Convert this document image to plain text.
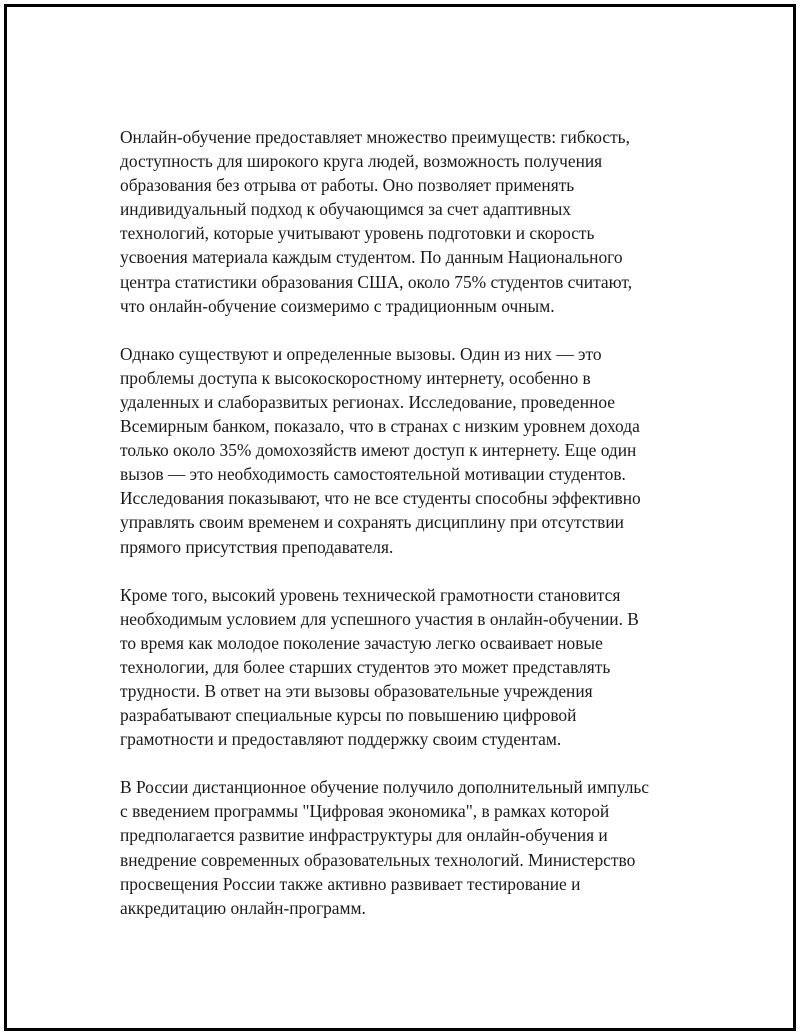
Онлайн-обучение предоставляет множество преимуществ: гибкость,
доступность для широкого круга людей, возможность получения
образования без отрыва от работы. Оно позволяет применять
индивидуальный подход к обучающимся за счет адаптивных
технологий, которые учитывают уровень подготовки и скорость
усвоения материала каждым студентом. По данным Национального
центра статистики образования США, около 75% студентов считают,
что онлайн-обучение соизмеримо с традиционным очным.

Однако существуют и определенные вызовы. Один из них — это
проблемы доступа к высокоскоростному интернету, особенно в
удаленных и слаборазвитых регионах. Исследование, проведенное
Всемирным банком, показало, что в странах с низким уровнем дохода
только около 35% домохозяйств имеют доступ к интернету. Еще один
вызов — это необходимость самостоятельной мотивации студентов.
Исследования показывают, что не все студенты способны эффективно
управлять своим временем и сохранять дисциплину при отсутствии
прямого присутствия преподавателя.

Кроме того, высокий уровень технической грамотности становится
необходимым условием для успешного участия в онлайн-обучении. В
то время как молодое поколение зачастую легко осваивает новые
технологии, для более старших студентов это может представлять
трудности. В ответ на эти вызовы образовательные учреждения
разрабатывают специальные курсы по повышению цифровой
грамотности и предоставляют поддержку своим студентам.

В России дистанционное обучение получило дополнительный импульс
с введением программы "Цифровая экономика", в рамках которой
предполагается развитие инфраструктуры для онлайн-обучения и
внедрение современных образовательных технологий. Министерство
просвещения России также активно развивает тестирование и
аккредитацию онлайн-программ.
